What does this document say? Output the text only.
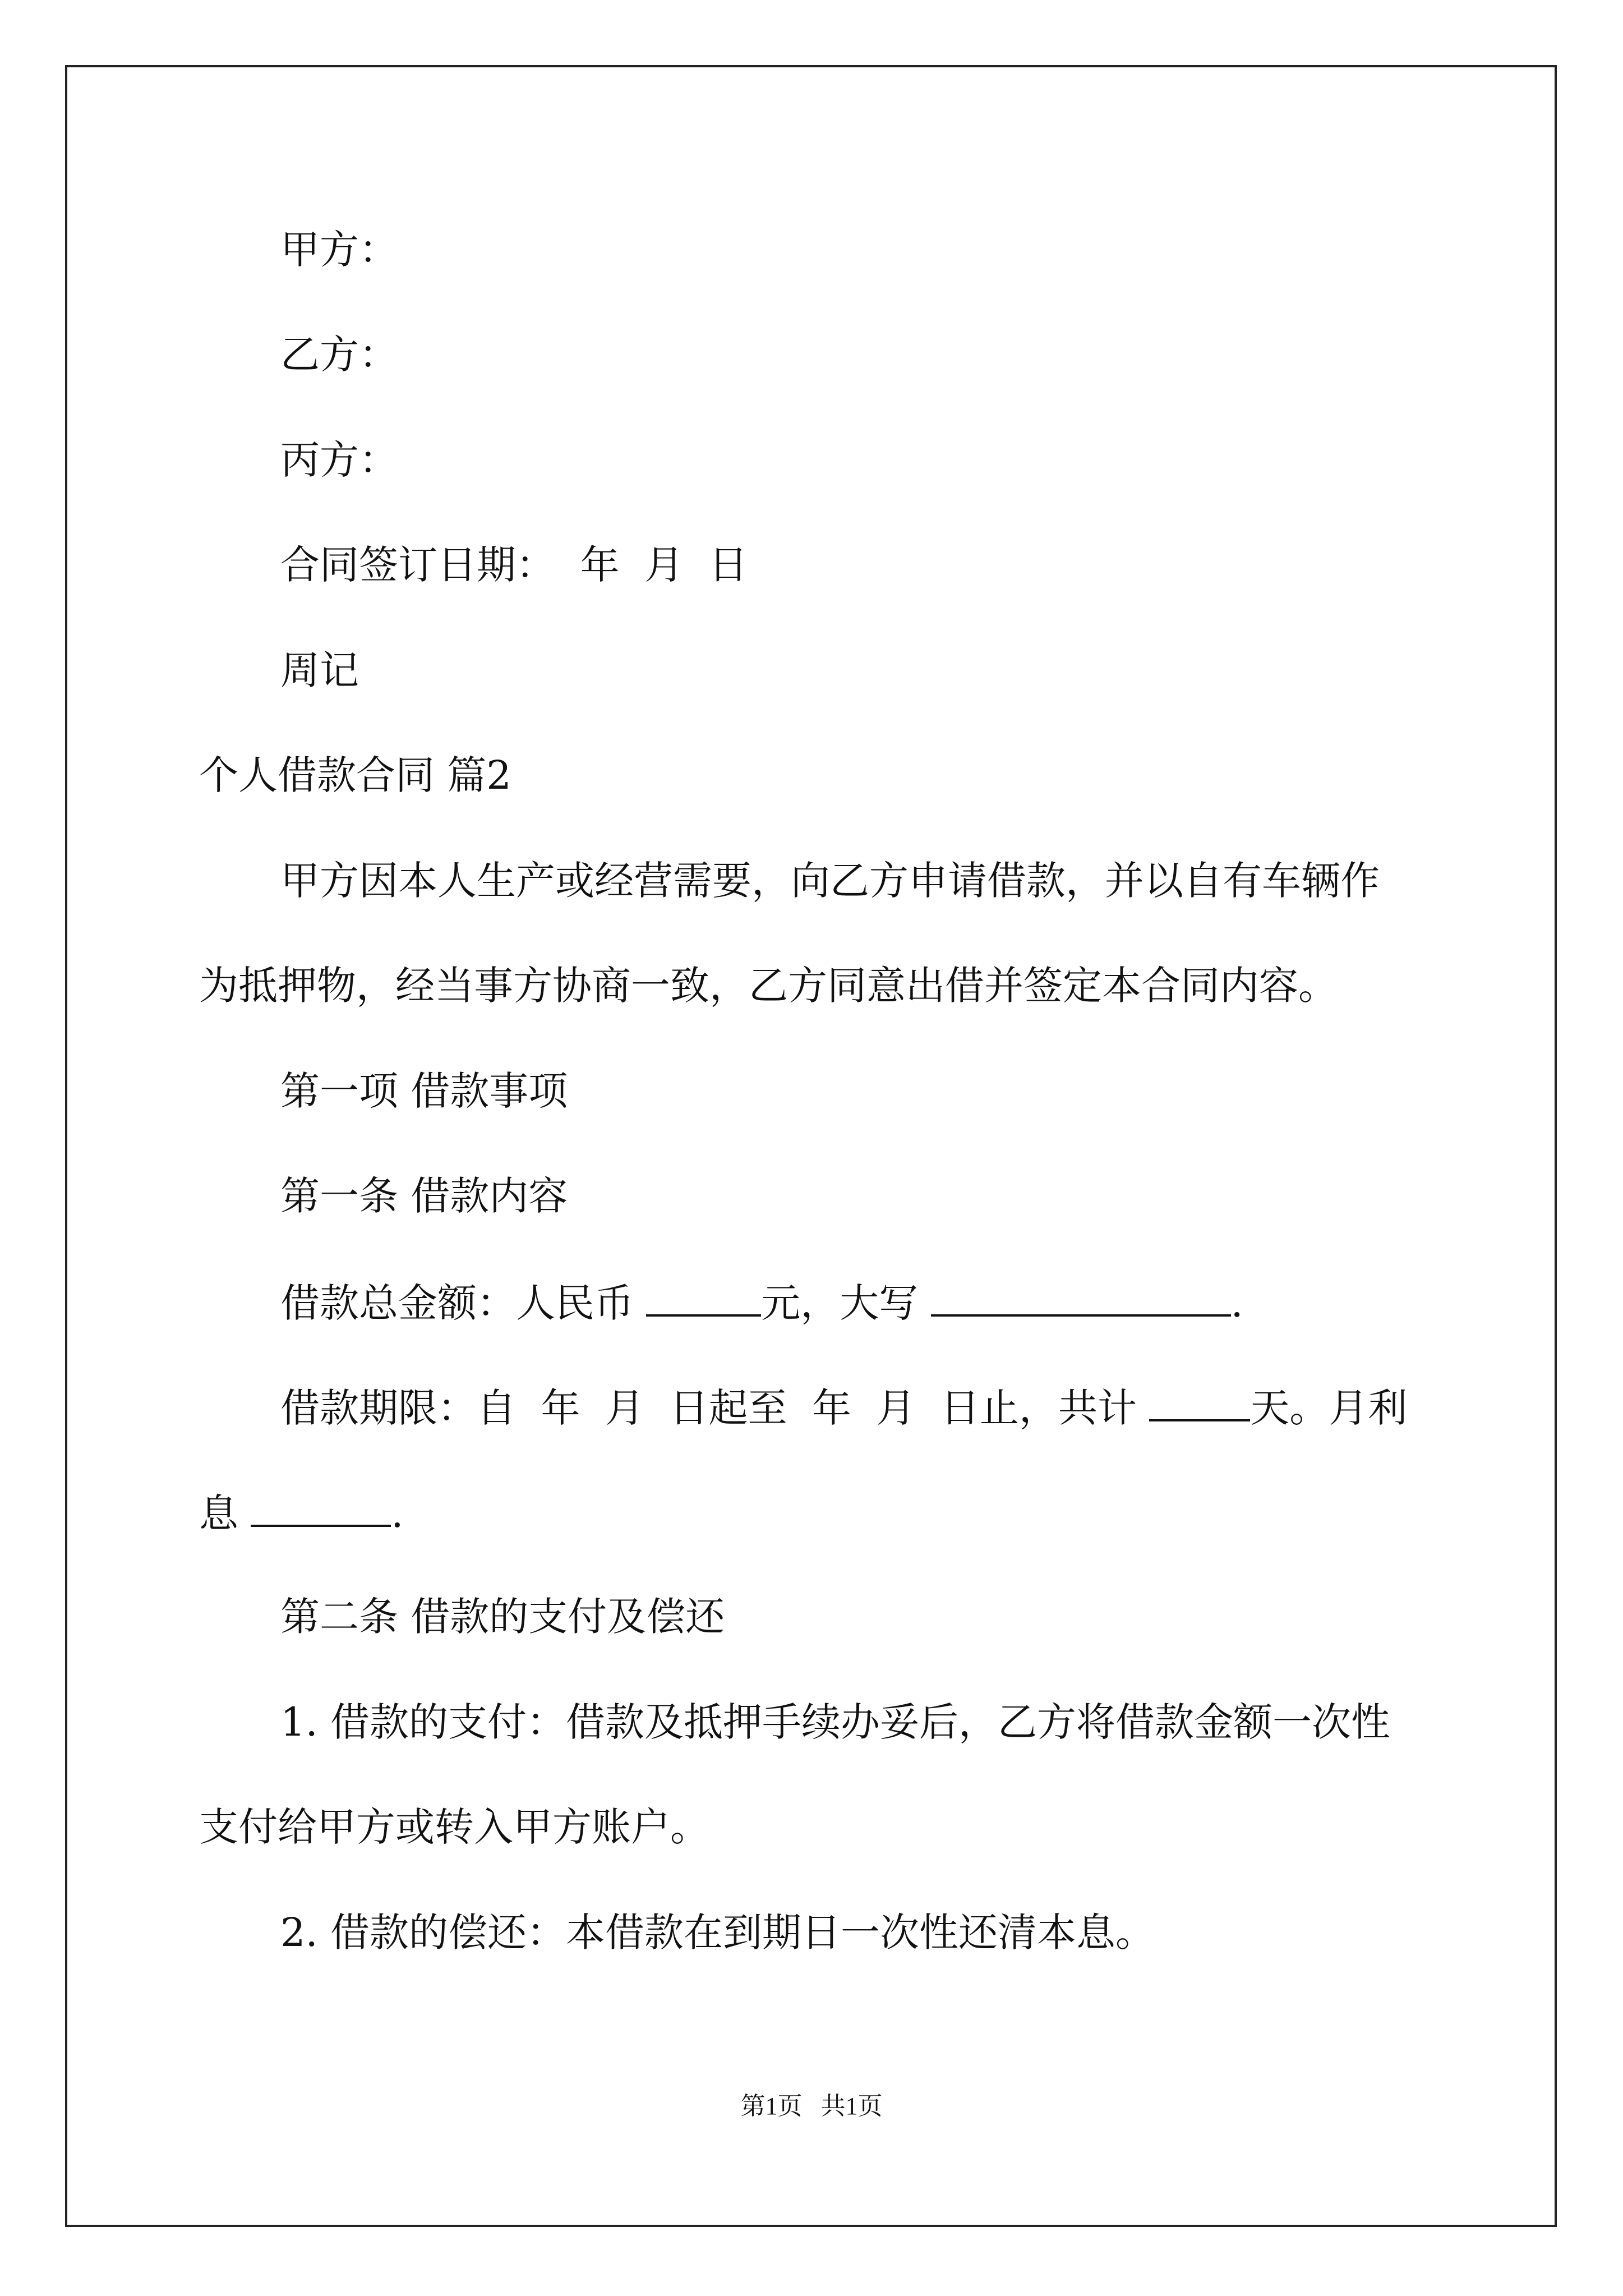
甲方：
乙方：
丙方：
合同签订日期：  年  月  日
周记
个人借款合同 篇2
甲方因本人生产或经营需要，向乙方申请借款，并以自有车辆作
为抵押物，经当事方协商一致，乙方同意出借并签定本合同内容。
第一项 借款事项
第一条 借款内容
借款总金额：人民币	元，大写	.
借款期限：自  年  月  日起至  年  月  日止，共计	天。月利
息	.
第二条 借款的支付及偿还
1. 借款的支付：借款及抵押手续办妥后，乙方将借款金额一次性
支付给甲方或转入甲方账户。
2. 借款的偿还：本借款在到期日一次性还清本息。
第1页   共1页
